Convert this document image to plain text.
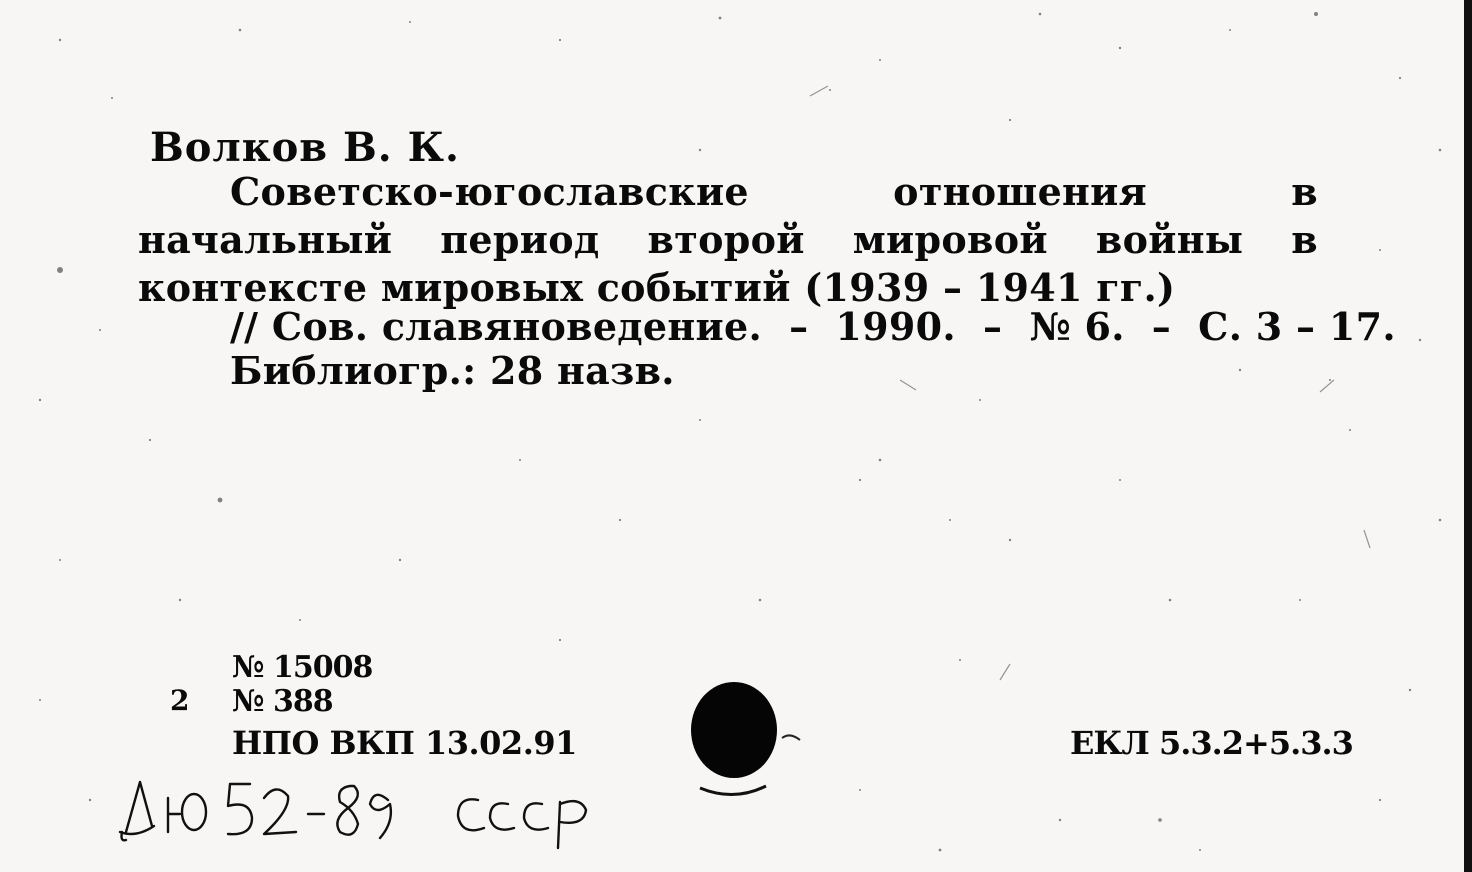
Волков В. К.
Советско-югославские отношения в начальный период второй мировой войны в контексте мировых событий (1939 – 1941 гг.)
// Сов. славяноведение.  –  1990.  –  № 6.  –  С. 3 – 17.
Библиогр.: 28 назв.
№ 15008
2 № 388
НПО ВКП 13.02.91	ЕКЛ 5.3.2+5.3.3
